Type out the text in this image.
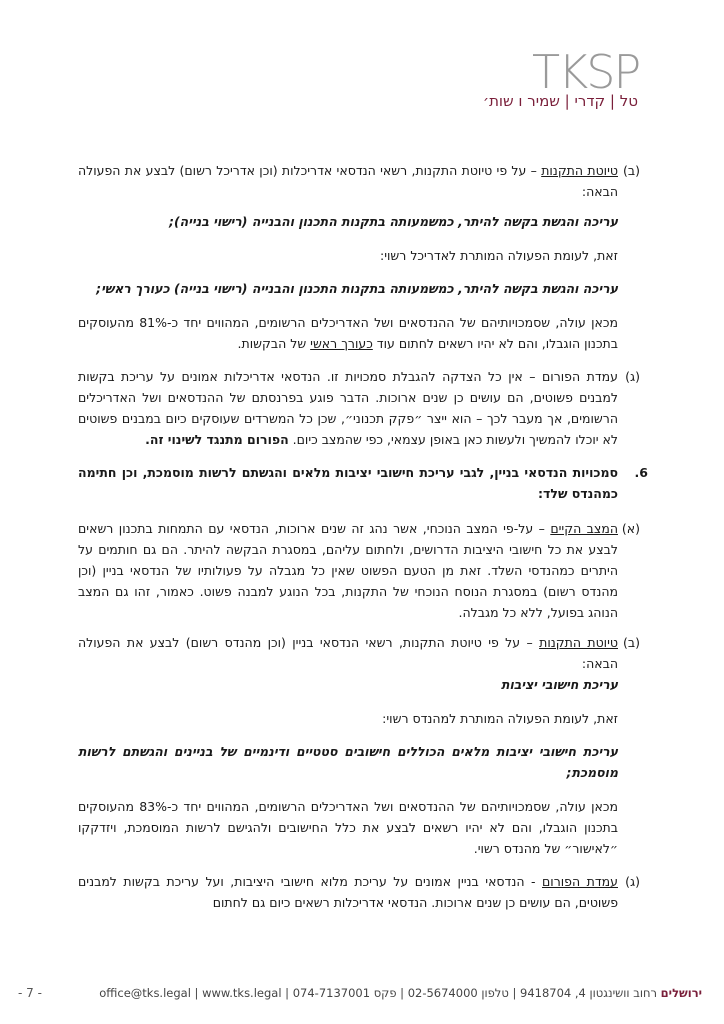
TKSP
טל | קדרי | שמיר ו שות׳
(ב)
טיוטת התקנות – על פי טיוטת התקנות, רשאי הנדסאי אדריכלות (וכן אדריכל רשום) לבצע את הפעולה הבאה:
עריכה והגשת בקשה להיתר, כמשמעותה בתקנות התכנון והבנייה (רישוי בנייה);
זאת, לעומת הפעולה המותרת לאדריכל רשוי:
עריכה והגשת בקשה להיתר, כמשמעותה בתקנות התכנון והבנייה (רישוי בנייה) כעורך ראשי;
מכאן עולה, שסמכויותיהם של ההנדסאים ושל האדריכלים הרשומים, המהווים יחד כ-81% מהעוסקים בתכנון הוגבלו, והם לא יהיו רשאים לחתום עוד כעורך ראשי של הבקשות.
(ג)
עמדת הפורום – אין כל הצדקה להגבלת סמכויות זו. הנדסאי אדריכלות אמונים על עריכת בקשות למבנים פשוטים, הם עושים כן שנים ארוכות. הדבר פוגע בפרנסתם של ההנדסאים ושל האדריכלים הרשומים, אך מעבר לכך – הוא ייצר ״פקק תכנוני״, שכן כל המשרדים שעוסקים כיום במבנים פשוטים לא יוכלו להמשיך ולעשות כאן באופן עצמאי, כפי שהמצב כיום. הפורום מתנגד לשינוי זה.
6.
סמכויות הנדסאי בניין, לגבי עריכת חישובי יציבות מלאים והגשתם לרשות מוסמכת, וכן חתימה כמהנדס שלד:
(א)
המצב הקיים – על-פי המצב הנוכחי, אשר נהג זה שנים ארוכות, הנדסאי עם התמחות בתכנון רשאים לבצע את כל חישובי היציבות הדרושים, ולחתום עליהם, במסגרת הבקשה להיתר. הם גם חותמים על היתרים כמהנדסי השלד. זאת מן הטעם הפשוט שאין כל מגבלה על פעולותיו של הנדסאי בניין (וכן מהנדס רשום) במסגרת הנוסח הנוכחי של התקנות, בכל הנוגע למבנה פשוט. כאמור, זהו גם המצב הנוהג בפועל, ללא כל מגבלה.
(ב)
טיוטת התקנות – על פי טיוטת התקנות, רשאי הנדסאי בניין (וכן מהנדס רשום) לבצע את הפעולה הבאה:
עריכת חישובי יציבות
זאת, לעומת הפעולה המותרת למהנדס רשוי:
עריכת חישובי יציבות מלאים הכוללים חישובים סטטיים ודינמיים של בניינים והגשתם לרשות מוסמכת;
מכאן עולה, שסמכויותיהם של ההנדסאים ושל האדריכלים הרשומים, המהווים יחד כ-83% מהעוסקים בתכנון הוגבלו, והם לא יהיו רשאים לבצע את כלל החישובים ולהגישם לרשות המוסמכת, ויזדקקו ״לאישור״ של מהנדס רשוי.
(ג)
עמדת הפורום - הנדסאי בניין אמונים על עריכת מלוא חישובי היציבות, ועל עריכת בקשות למבנים פשוטים, הם עושים כן שנים ארוכות. הנדסאי אדריכלות רשאים כיום גם לחתום
- 7 -	ירושלים רחוב וושינגטון 4, 9418704 | טלפון 02-5674000 | פקס 074-7137001 | office@tks.legal | www.tks.legal
